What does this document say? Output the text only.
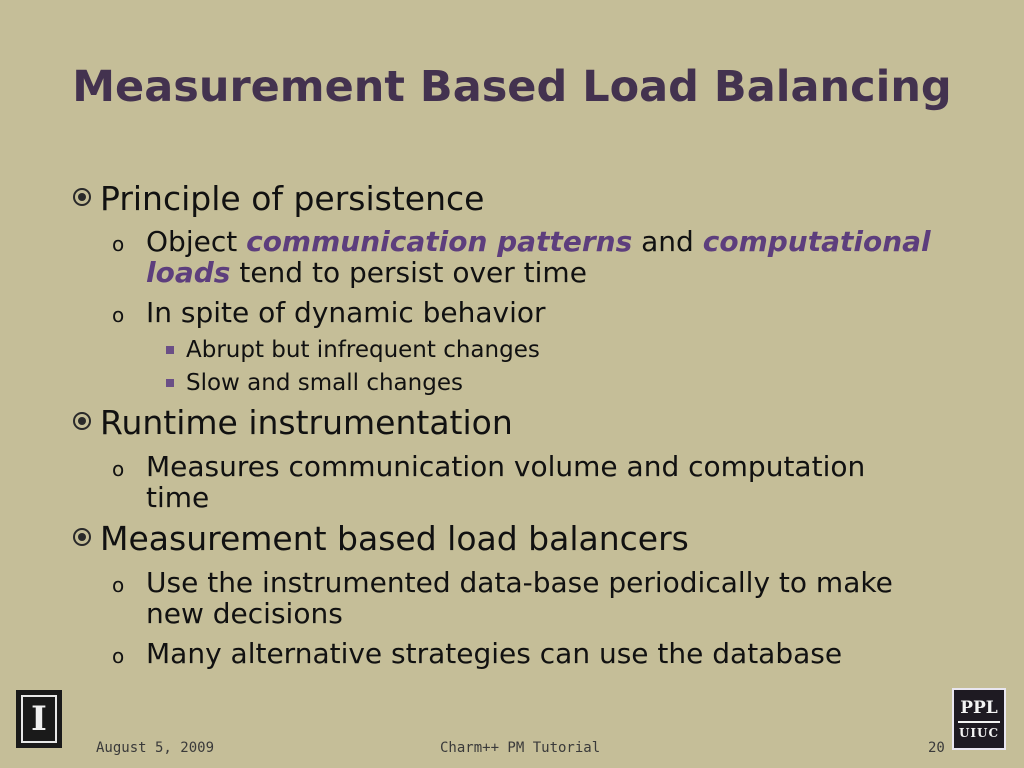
Measurement Based Load Balancing
Principle of persistence
o Object communication patterns and computational loads tend to persist over time
o In spite of dynamic behavior
Abrupt but infrequent changes
Slow and small changes
Runtime instrumentation
o Measures communication volume and computation time
Measurement based load balancers
o Use the instrumented data-base periodically to make new decisions
o Many alternative strategies can use the database
I	PPL
UIUC
August 5, 2009	Charm++ PM Tutorial	20
